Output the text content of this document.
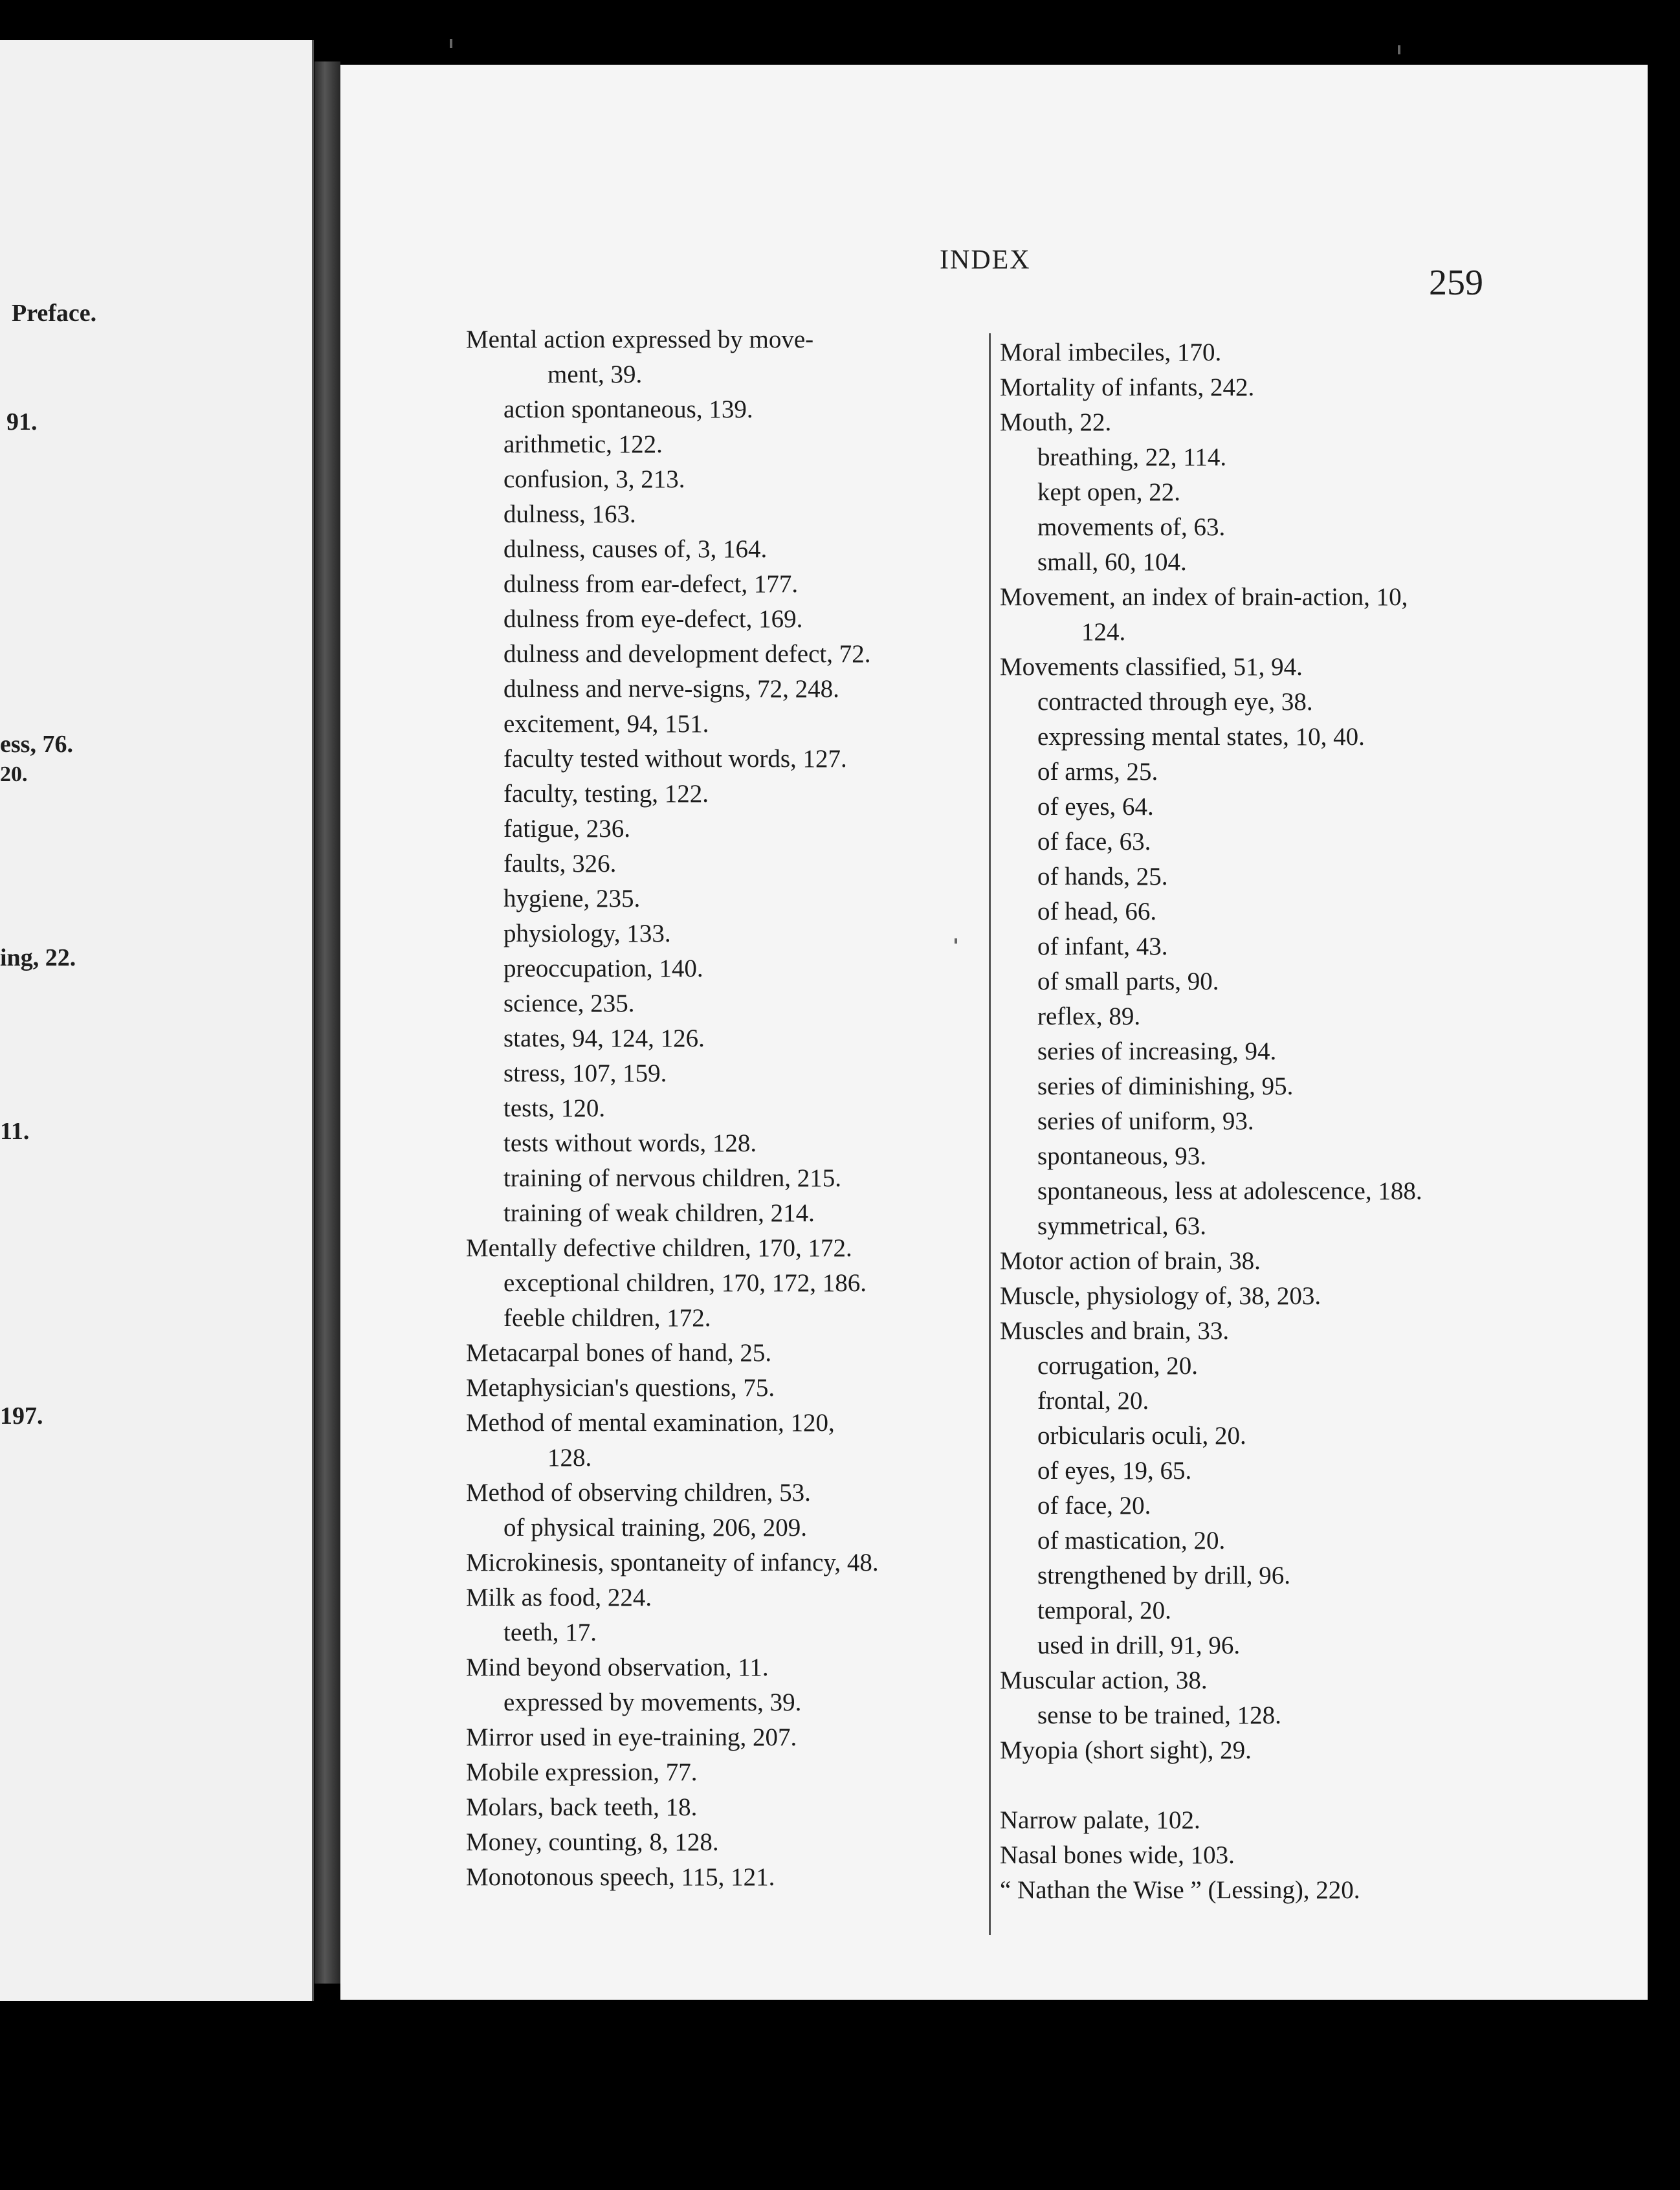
Preface.
91.
ess, 76.
20.
ing, 22.
11.
197.
INDEX
259
Mental action expressed by move-
ment, 39.
action spontaneous, 139.
arithmetic, 122.
confusion, 3, 213.
dulness, 163.
dulness, causes of, 3, 164.
dulness from ear-defect, 177.
dulness from eye-defect, 169.
dulness and development defect, 72.
dulness and nerve-signs, 72, 248.
excitement, 94, 151.
faculty tested without words, 127.
faculty, testing, 122.
fatigue, 236.
faults, 326.
hygiene, 235.
physiology, 133.
preoccupation, 140.
science, 235.
states, 94, 124, 126.
stress, 107, 159.
tests, 120.
tests without words, 128.
training of nervous children, 215.
training of weak children, 214.
Mentally defective children, 170, 172.
exceptional children, 170, 172, 186.
feeble children, 172.
Metacarpal bones of hand, 25.
Metaphysician's questions, 75.
Method of mental examination, 120,
128.
Method of observing children, 53.
of physical training, 206, 209.
Microkinesis, spontaneity of infancy, 48.
Milk as food, 224.
teeth, 17.
Mind beyond observation, 11.
expressed by movements, 39.
Mirror used in eye-training, 207.
Mobile expression, 77.
Molars, back teeth, 18.
Money, counting, 8, 128.
Monotonous speech, 115, 121.
Moral imbeciles, 170.
Mortality of infants, 242.
Mouth, 22.
breathing, 22, 114.
kept open, 22.
movements of, 63.
small, 60, 104.
Movement, an index of brain-action, 10,
124.
Movements classified, 51, 94.
contracted through eye, 38.
expressing mental states, 10, 40.
of arms, 25.
of eyes, 64.
of face, 63.
of hands, 25.
of head, 66.
of infant, 43.
of small parts, 90.
reflex, 89.
series of increasing, 94.
series of diminishing, 95.
series of uniform, 93.
spontaneous, 93.
spontaneous, less at adolescence, 188.
symmetrical, 63.
Motor action of brain, 38.
Muscle, physiology of, 38, 203.
Muscles and brain, 33.
corrugation, 20.
frontal, 20.
orbicularis oculi, 20.
of eyes, 19, 65.
of face, 20.
of mastication, 20.
strengthened by drill, 96.
temporal, 20.
used in drill, 91, 96.
Muscular action, 38.
sense to be trained, 128.
Myopia (short sight), 29.
Narrow palate, 102.
Nasal bones wide, 103.
“ Nathan the Wise ” (Lessing), 220.
